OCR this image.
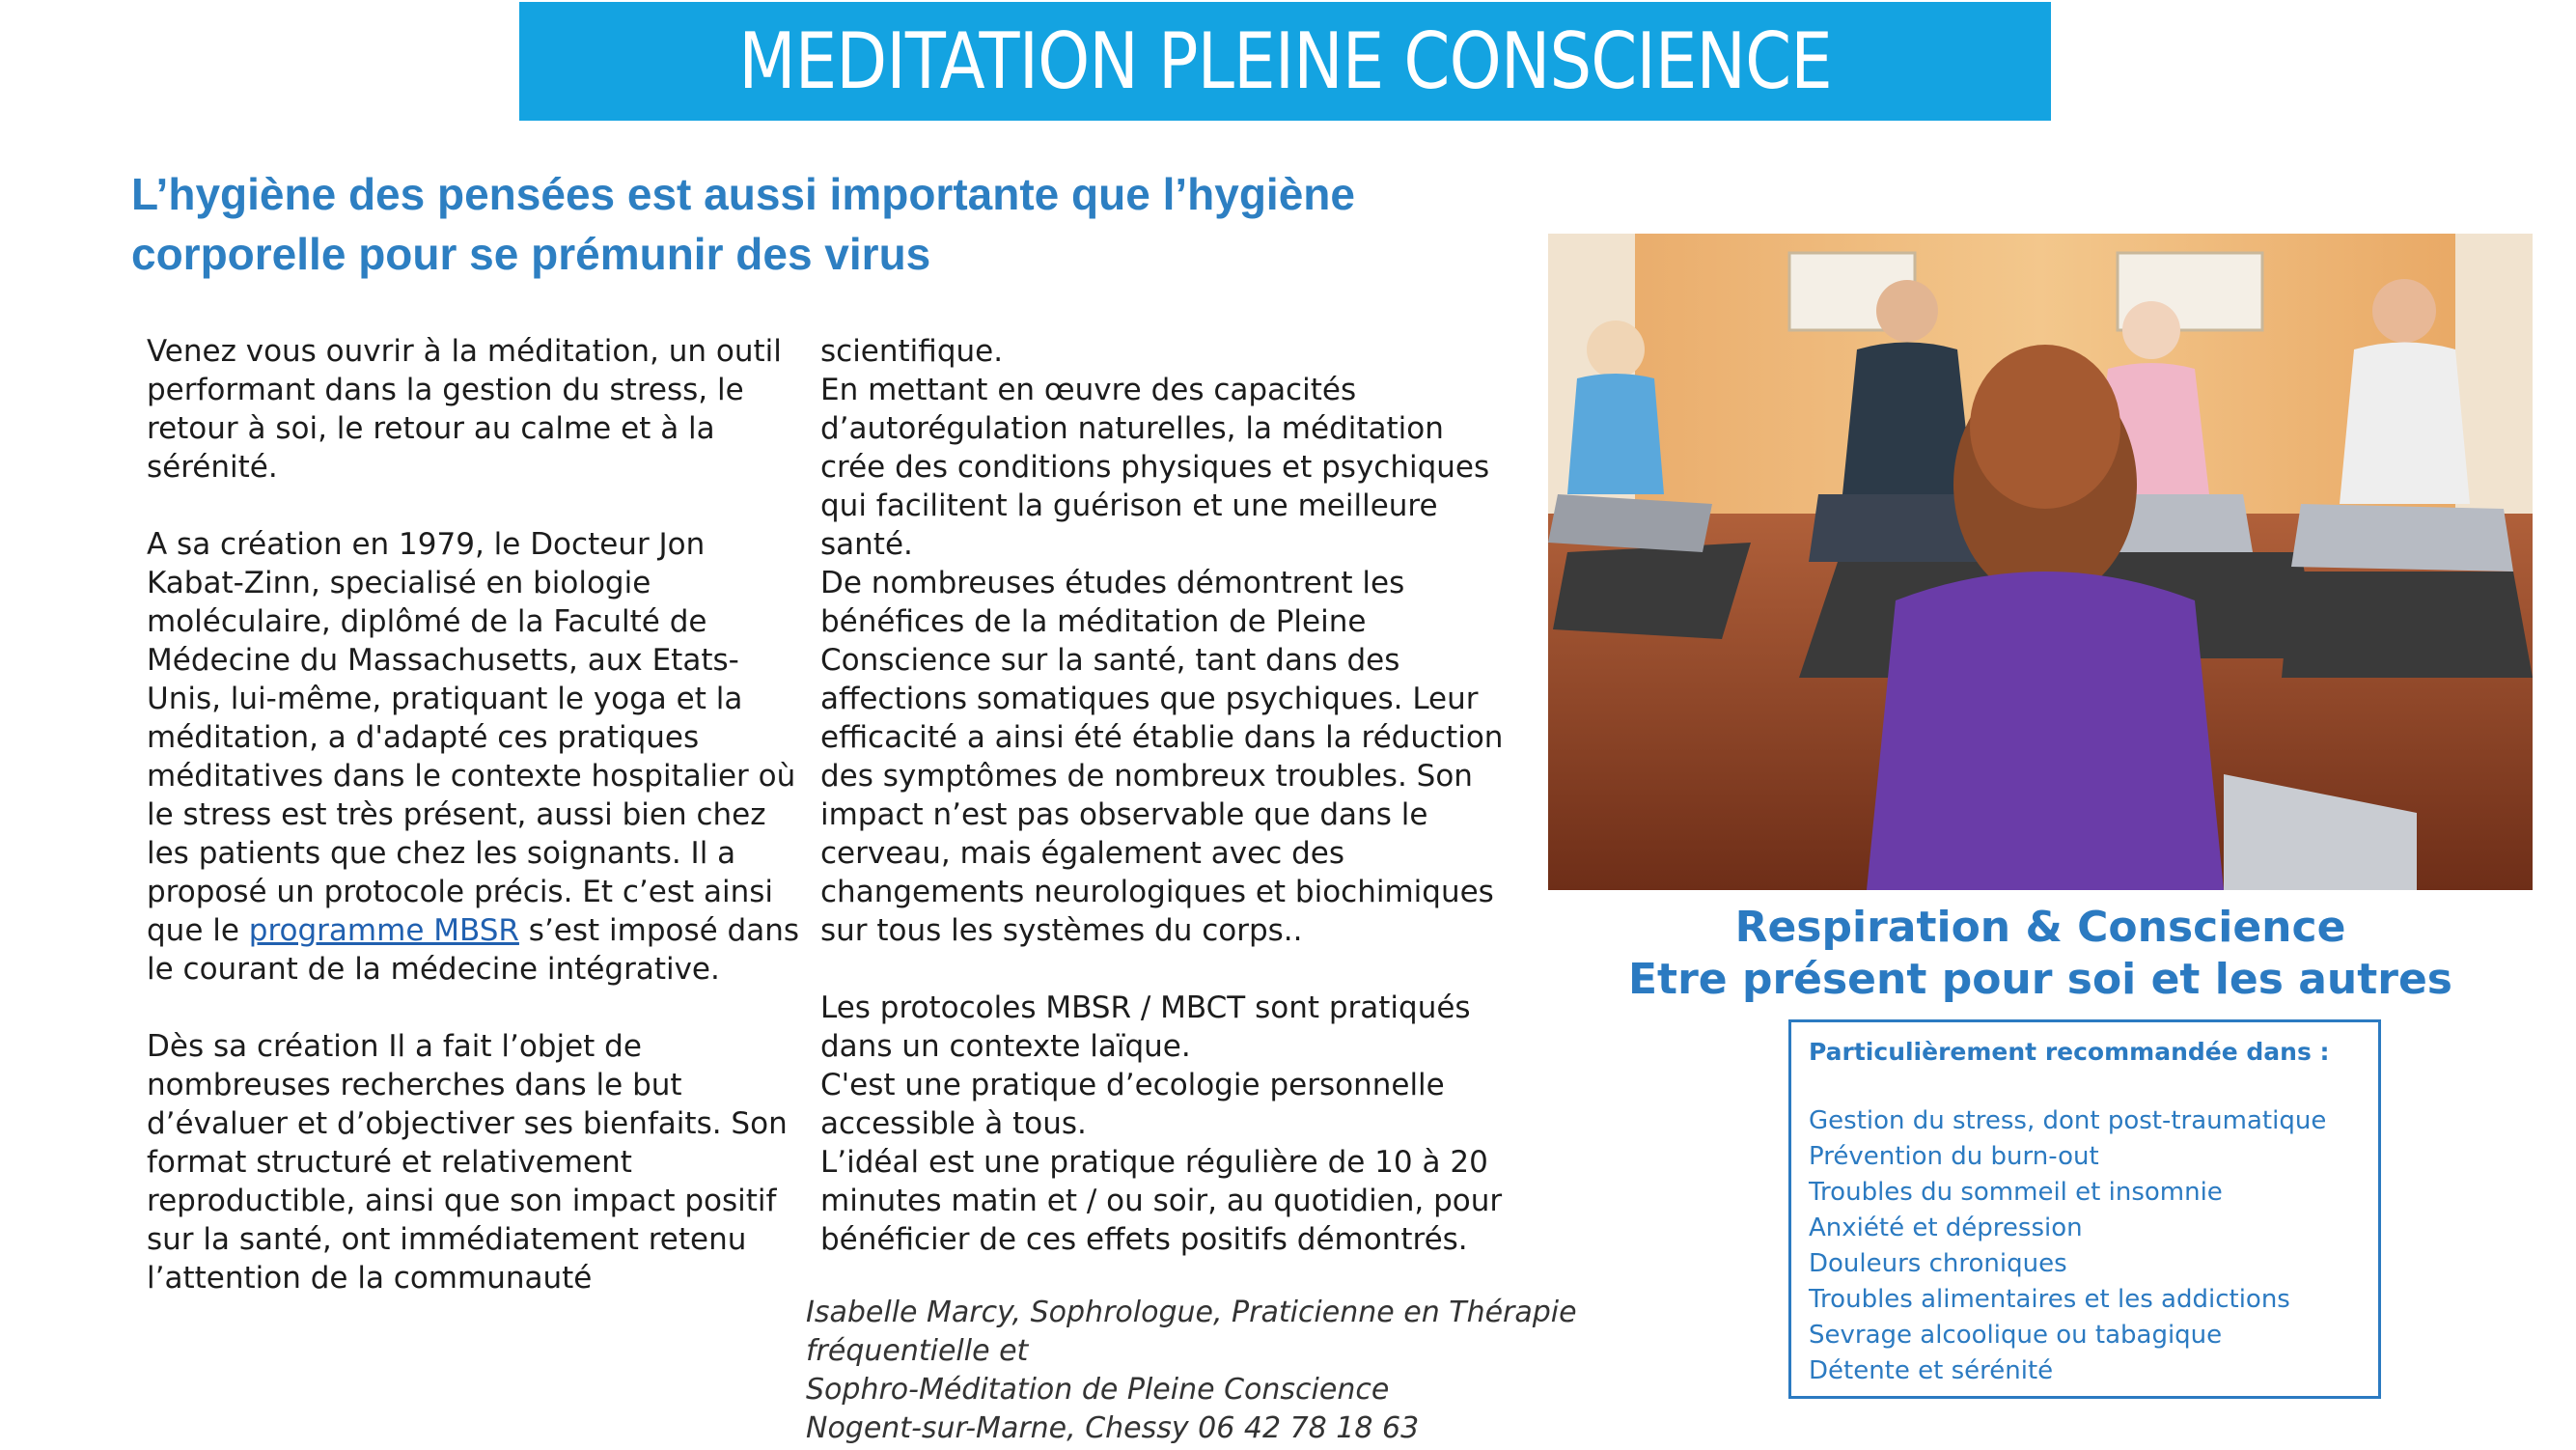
MEDITATION PLEINE CONSCIENCE
L’hygiène des pensées est aussi importante que l’hygiène
corporelle pour se prémunir des virus

Venez vous ouvrir à la méditation, un outil performant dans la gestion du stress, le retour à soi, le retour au calme et à la sérénité.

A sa création en 1979, le Docteur Jon Kabat-Zinn, specialisé en biologie moléculaire, diplômé de la Faculté de Médecine du Massachusetts, aux Etats-Unis, lui-même, pratiquant le yoga et la méditation, a d'adapté ces pratiques méditatives dans le contexte hospitalier où le stress est très présent, aussi bien chez les patients que chez les soignants. Il a proposé un protocole précis. Et c’est ainsi que le programme MBSR s’est imposé dans le courant de la médecine intégrative.

Dès sa création Il a fait l’objet de nombreuses recherches dans le but d’évaluer et d’objectiver ses bienfaits. Son format structuré et relativement reproductible, ainsi que son impact positif sur la santé, ont immédiatement retenu l’attention de la communauté

scientifique.

En mettant en œuvre des capacités d’autorégulation naturelles, la méditation crée des conditions physiques et psychiques qui facilitent la guérison et une meilleure santé.

De nombreuses études démontrent les bénéfices de la méditation de Pleine Conscience sur la santé, tant dans des affections somatiques que psychiques. Leur efficacité a ainsi été établie dans la réduction des symptômes de nombreux troubles. Son impact n’est pas observable que dans le cerveau, mais également avec des changements neurologiques et biochimiques sur tous les systèmes du corps..

Les protocoles MBSR / MBCT sont pratiqués dans un contexte laïque.

C'est une pratique d’ecologie personnelle accessible à tous.

L’idéal est une pratique régulière de 10 à 20 minutes matin et / ou soir, au quotidien, pour bénéficier de ces effets positifs démontrés.

Isabelle Marcy, Sophrologue, Praticienne en Thérapie fréquentielle et

Sophro-Méditation de Pleine Conscience

Nogent-sur-Marne, Chessy 06 42 78 18 63

Respiration & Conscience

Etre présent pour soi et les autres

Particulièrement recommandée dans :
Gestion du stress, dont post-traumatique
Prévention du burn-out
Troubles du sommeil et insomnie
Anxiété et dépression
Douleurs chroniques
Troubles alimentaires et les addictions
Sevrage alcoolique ou tabagique
Détente et sérénité
